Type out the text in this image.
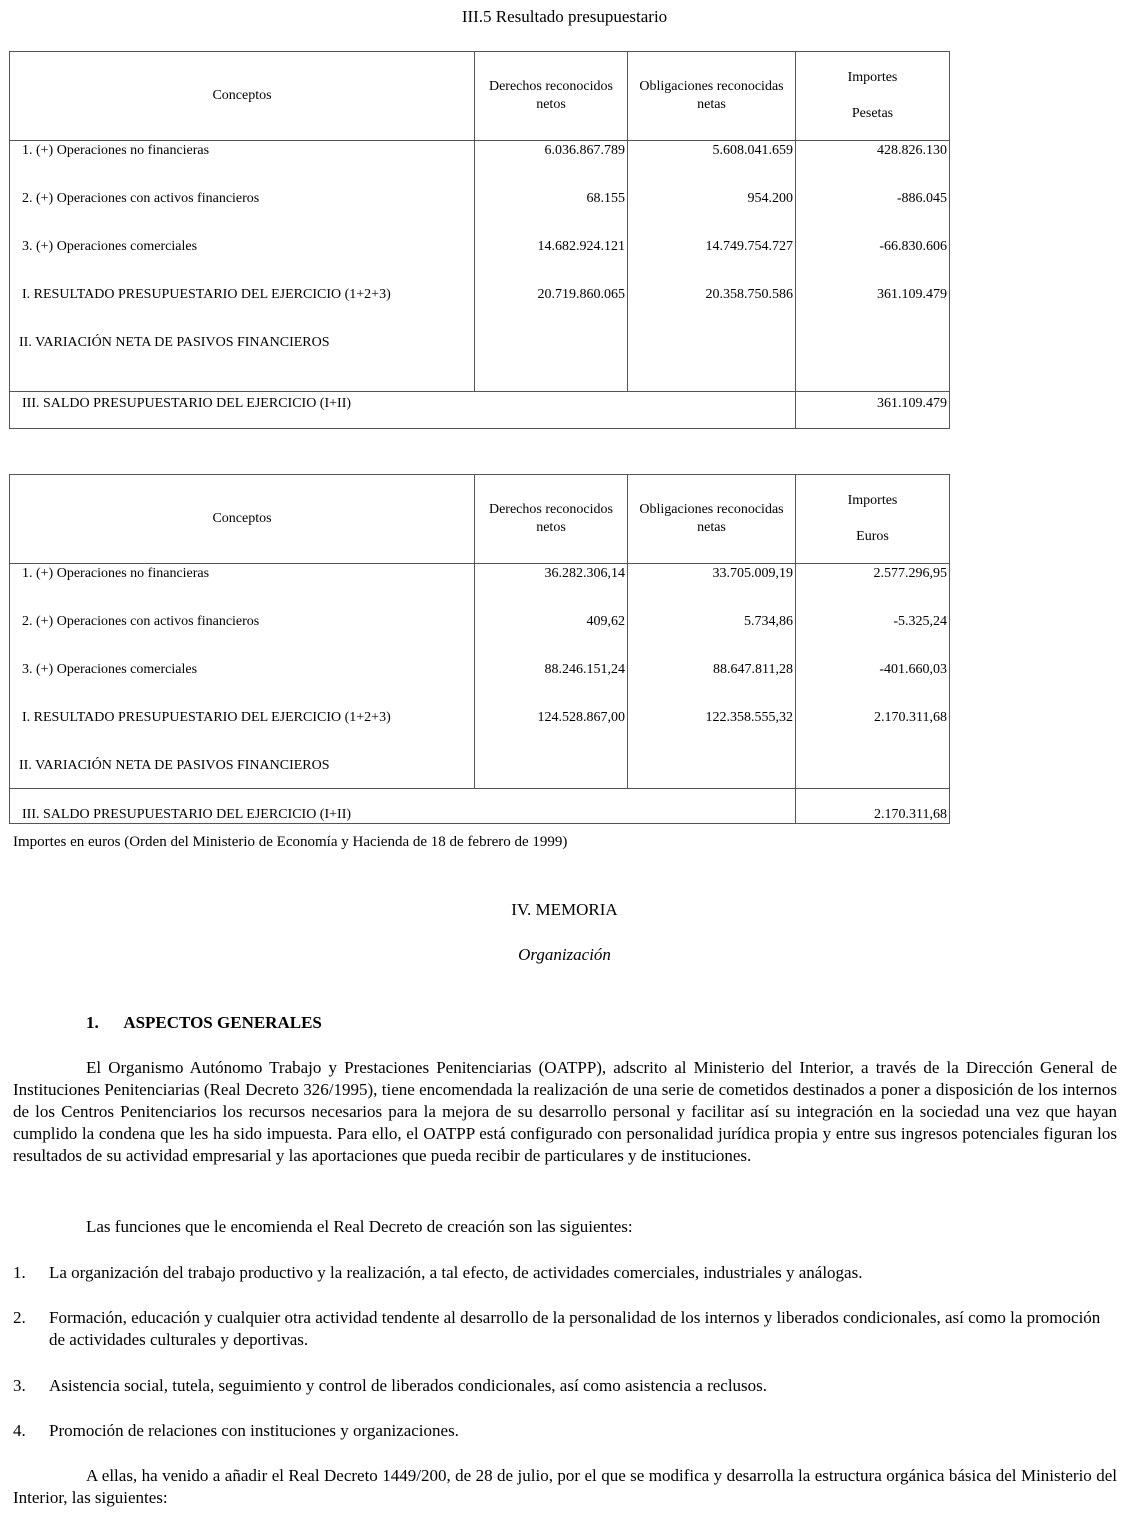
III.5 Resultado presupuestario
Conceptos	Derechos reconocidos netos	Obligaciones reconocidas netas	Importes
Pesetas
1. (+) Operaciones no financieras	6.036.867.789	5.608.041.659	428.826.130
2. (+) Operaciones con activos financieros	68.155	954.200	-886.045
3. (+) Operaciones comerciales	14.682.924.121	14.749.754.727	-66.830.606
I. RESULTADO PRESUPUESTARIO DEL EJERCICIO (1+2+3)	20.719.860.065	20.358.750.586	361.109.479
II. VARIACIÓN NETA DE PASIVOS FINANCIEROS			
III. SALDO PRESUPUESTARIO DEL EJERCICIO (I+II)			361.109.479
Conceptos	Derechos reconocidos netos	Obligaciones reconocidas netas	Importes
Euros
1. (+) Operaciones no financieras	36.282.306,14	33.705.009,19	2.577.296,95
2. (+) Operaciones con activos financieros	409,62	5.734,86	-5.325,24
3. (+) Operaciones comerciales	88.246.151,24	88.647.811,28	-401.660,03
I. RESULTADO PRESUPUESTARIO DEL EJERCICIO (1+2+3)	124.528.867,00	122.358.555,32	2.170.311,68
II. VARIACIÓN NETA DE PASIVOS FINANCIEROS			
III. SALDO PRESUPUESTARIO DEL EJERCICIO (I+II)			2.170.311,68
Importes en euros (Orden del Ministerio de Economía y Hacienda de 18 de febrero de 1999)
IV. MEMORIA
Organización
1. ASPECTOS GENERALES
El Organismo Autónomo Trabajo y Prestaciones Penitenciarias (OATPP), adscrito al Ministerio del Interior, a través de la Dirección General de Instituciones Penitenciarias (Real Decreto 326/1995), tiene encomendada la realización de una serie de cometidos destinados a poner a disposición de los internos de los Centros Penitenciarios los recursos necesarios para la mejora de su desarrollo personal y facilitar así su integración en la sociedad una vez que hayan cumplido la condena que les ha sido impuesta. Para ello, el OATPP está configurado con personalidad jurídica propia y entre sus ingresos potenciales figuran los resultados de su actividad empresarial y las aportaciones que pueda recibir de particulares y de instituciones.
Las funciones que le encomienda el Real Decreto de creación son las siguientes:
1. La organización del trabajo productivo y la realización, a tal efecto, de actividades comerciales, industriales y análogas.
2. Formación, educación y cualquier otra actividad tendente al desarrollo de la personalidad de los internos y liberados condicionales, así como la promoción de actividades culturales y deportivas.
3. Asistencia social, tutela, seguimiento y control de liberados condicionales, así como asistencia a reclusos.
4. Promoción de relaciones con instituciones y organizaciones.
A ellas, ha venido a añadir el Real Decreto 1449/200, de 28 de julio, por el que se modifica y desarrolla la estructura orgánica básica del Ministerio del Interior, las siguientes:
